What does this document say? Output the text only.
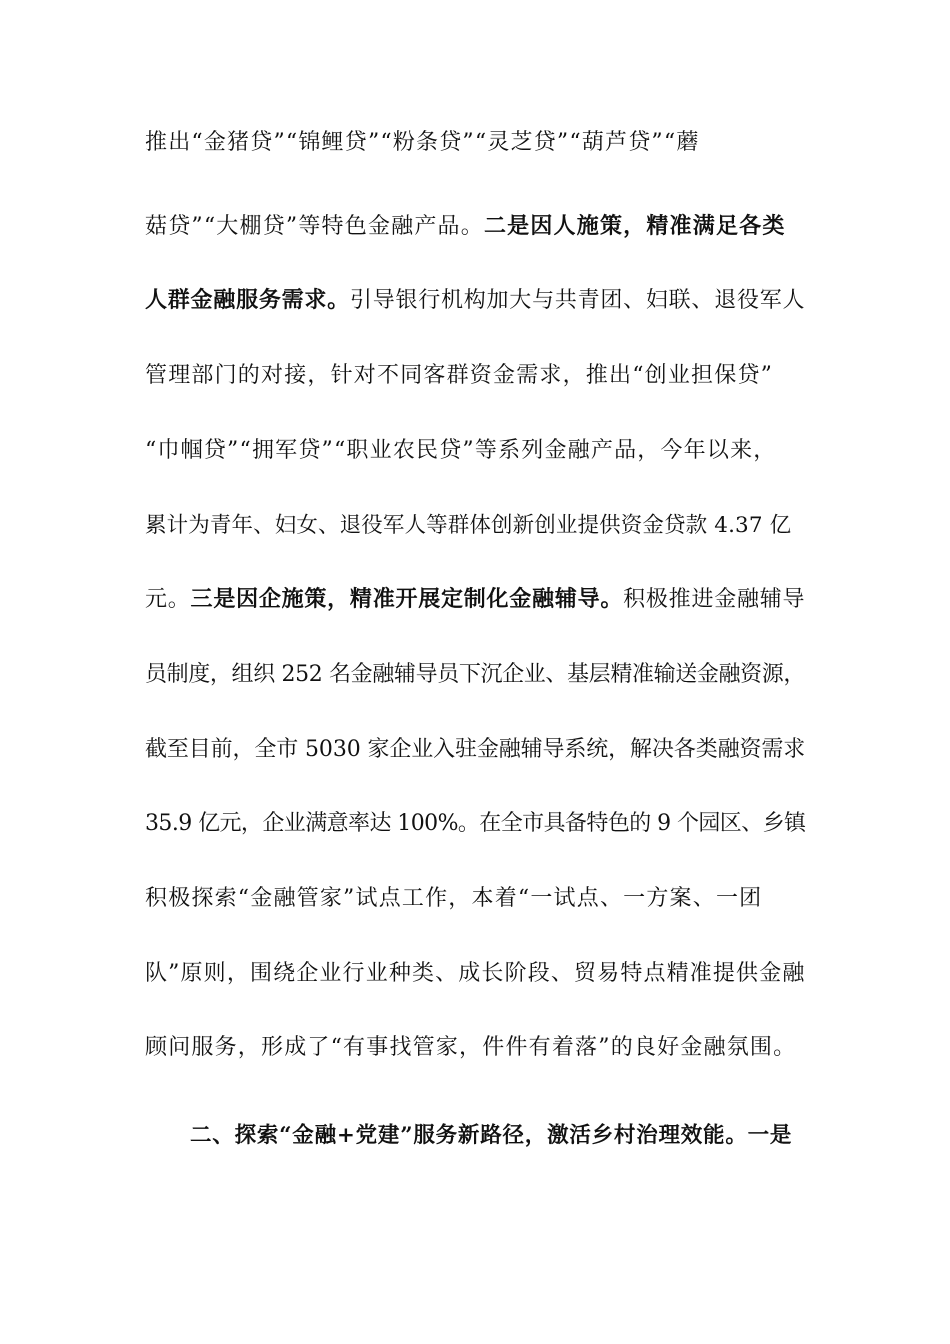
推出“金猪贷”“锦鲤贷”“粉条贷”“灵芝贷”“葫芦贷”“蘑
菇贷”“大棚贷”等特色金融产品。二是因人施策，精准满足各类
人群金融服务需求。引导银行机构加大与共青团、妇联、退役军人
管理部门的对接，针对不同客群资金需求，推出“创业担保贷”
“巾帼贷”“拥军贷”“职业农民贷”等系列金融产品，今年以来，
累计为青年、妇女、退役军人等群体创新创业提供资金贷款 4.37 亿
元。三是因企施策，精准开展定制化金融辅导。积极推进金融辅导
员制度，组织 252 名金融辅导员下沉企业、基层精准输送金融资源，
截至目前，全市 5030 家企业入驻金融辅导系统，解决各类融资需求
35.9 亿元，企业满意率达 100%。在全市具备特色的 9 个园区、乡镇
积极探索“金融管家”试点工作，本着“一试点、一方案、一团
队”原则，围绕企业行业种类、成长阶段、贸易特点精准提供金融
顾问服务，形成了“有事找管家，件件有着落”的良好金融氛围。
二、探索“金融+党建”服务新路径，激活乡村治理效能。一是
